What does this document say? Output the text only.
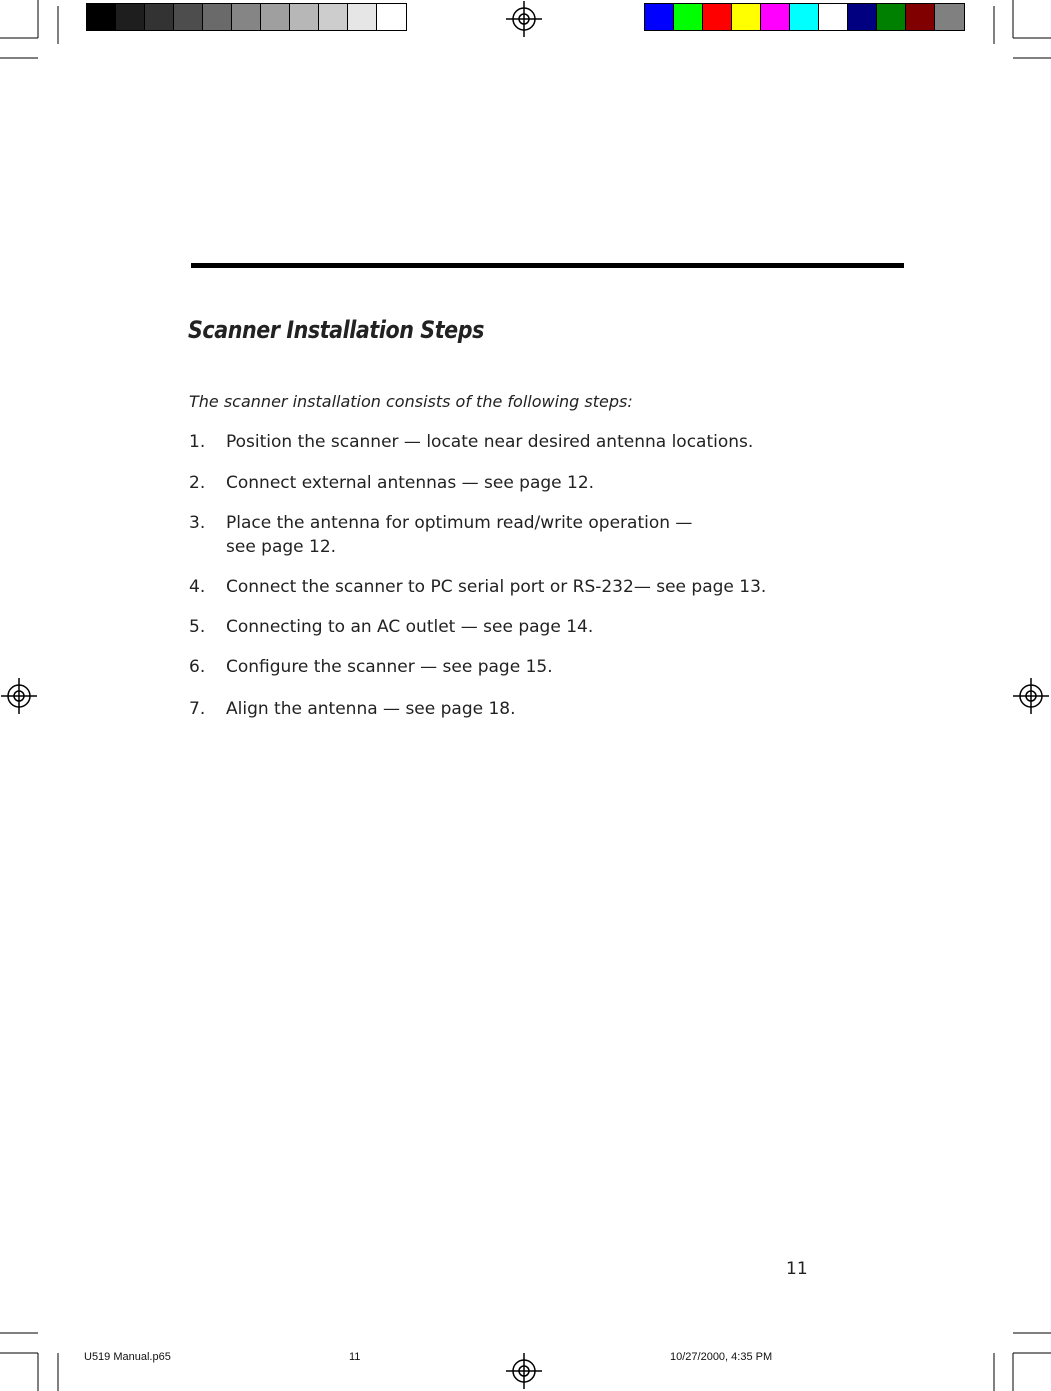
Scanner Installation Steps
The scanner installation consists of the following steps:
1. Position the scanner — locate near desired antenna locations.
2. Connect external antennas — see page 12.
3. Place the antenna for optimum read/write operation —
see page 12.
4. Connect the scanner to PC serial port or RS-232— see page 13.
5. Connecting to an AC outlet — see page 14.
6. Configure the scanner — see page 15.
7. Align the antenna — see page 18.
11
U519 Manual.p65	11	10/27/2000, 4:35 PM
